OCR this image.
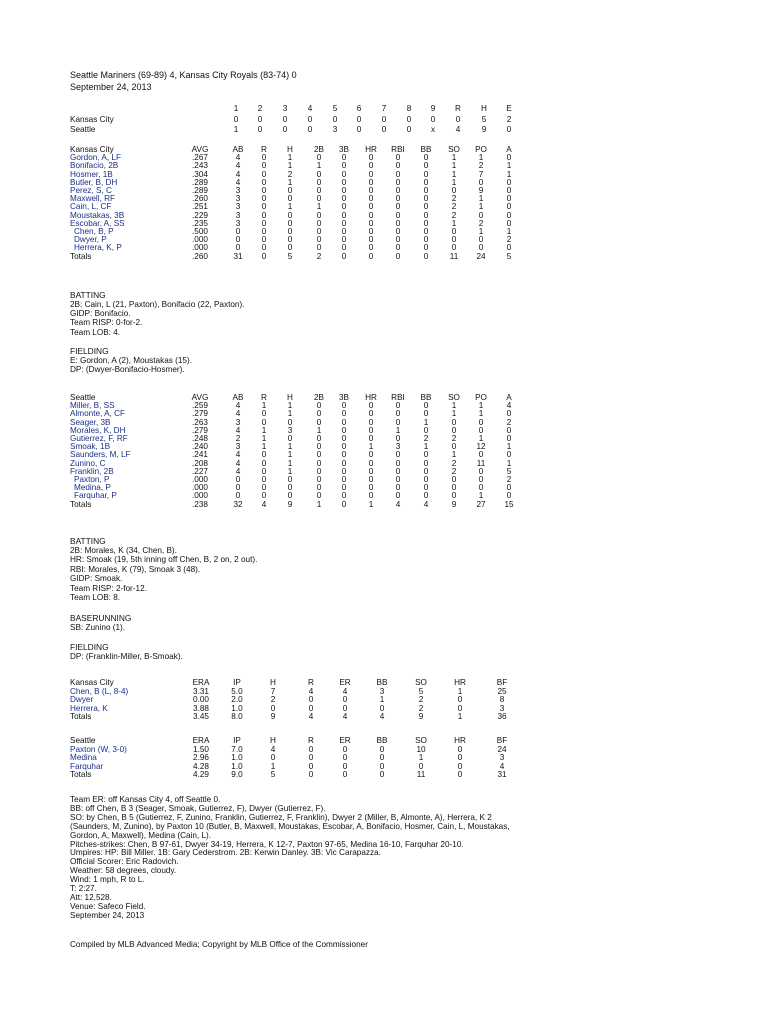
Seattle Mariners (69-89) 4, Kansas City Royals (83-74) 0
September 24, 2013
1	2	3	4	5	6	7	8	9	R	H	E
Kansas City	0	0	0	0	0	0	0	0	0	0	5	2
Seattle	1	0	0	0	3	0	0	0	x	4	9	0
Kansas City	AVG	AB	R	H	2B	3B	HR	RBI	BB	SO	PO	A
Gordon, A, LF	.267	4	0	1	0	0	0	0	0	1	1	0
Bonifacio, 2B	.243	4	0	1	1	0	0	0	0	1	2	1
Hosmer, 1B	.304	4	0	2	0	0	0	0	0	1	7	1
Butler, B, DH	.289	4	0	1	0	0	0	0	0	1	0	0
Perez, S, C	.289	3	0	0	0	0	0	0	0	0	9	0
Maxwell, RF	.260	3	0	0	0	0	0	0	0	2	1	0
Cain, L, CF	.251	3	0	1	1	0	0	0	0	2	1	0
Moustakas, 3B	.229	3	0	0	0	0	0	0	0	2	0	0
Escobar, A, SS	.235	3	0	0	0	0	0	0	0	1	2	0
Chen, B, P	.500	0	0	0	0	0	0	0	0	0	1	1
Dwyer, P	.000	0	0	0	0	0	0	0	0	0	0	2
Herrera, K, P	.000	0	0	0	0	0	0	0	0	0	0	0
Totals	.260	31	0	5	2	0	0	0	0	11	24	5
BATTING
2B: Cain, L (21, Paxton), Bonifacio (22, Paxton).
GIDP: Bonifacio.
Team RISP: 0-for-2.
Team LOB: 4.
FIELDING
E: Gordon, A (2), Moustakas (15).
DP: (Dwyer-Bonifacio-Hosmer).
Seattle	AVG	AB	R	H	2B	3B	HR	RBI	BB	SO	PO	A
Miller, B, SS	.259	4	1	1	0	0	0	0	0	1	1	4
Almonte, A, CF	.279	4	0	1	0	0	0	0	0	1	1	0
Seager, 3B	.263	3	0	0	0	0	0	0	1	0	0	2
Morales, K, DH	.279	4	1	3	1	0	0	1	0	0	0	0
Gutierrez, F, RF	.248	2	1	0	0	0	0	0	2	2	1	0
Smoak, 1B	.240	3	1	1	0	0	1	3	1	0	12	1
Saunders, M, LF	.241	4	0	1	0	0	0	0	0	1	0	0
Zunino, C	.208	4	0	1	0	0	0	0	0	2	11	1
Franklin, 2B	.227	4	0	1	0	0	0	0	0	2	0	5
Paxton, P	.000	0	0	0	0	0	0	0	0	0	0	2
Medina, P	.000	0	0	0	0	0	0	0	0	0	0	0
Farquhar, P	.000	0	0	0	0	0	0	0	0	0	1	0
Totals	.238	32	4	9	1	0	1	4	4	9	27	15
BATTING
2B: Morales, K (34, Chen, B).
HR: Smoak (19, 5th inning off Chen, B, 2 on, 2 out).
RBI: Morales, K (79), Smoak 3 (48).
GIDP: Smoak.
Team RISP: 2-for-12.
Team LOB: 8.
BASERUNNING
SB: Zunino (1).
FIELDING
DP: (Franklin-Miller, B-Smoak).
Kansas City	ERA	IP	H	R	ER	BB	SO	HR	BF
Chen, B (L, 8-4)	3.31	5.0	7	4	4	3	5	1	25
Dwyer	0.00	2.0	2	0	0	1	2	0	8
Herrera, K	3.88	1.0	0	0	0	0	2	0	3
Totals	3.45	8.0	9	4	4	4	9	1	36
Seattle	ERA	IP	H	R	ER	BB	SO	HR	BF
Paxton (W, 3-0)	1.50	7.0	4	0	0	0	10	0	24
Medina	2.96	1.0	0	0	0	0	1	0	3
Farquhar	4.28	1.0	1	0	0	0	0	0	4
Totals	4.29	9.0	5	0	0	0	11	0	31
Team ER: off Kansas City 4, off Seattle 0.
BB: off Chen, B 3 (Seager, Smoak, Gutierrez, F), Dwyer (Gutierrez, F).
SO: by Chen, B 5 (Gutierrez, F, Zunino, Franklin, Gutierrez, F, Franklin), Dwyer 2 (Miller, B, Almonte, A), Herrera, K 2
(Saunders, M, Zunino), by Paxton 10 (Butler, B, Maxwell, Moustakas, Escobar, A, Bonifacio, Hosmer, Cain, L, Moustakas,
Gordon, A, Maxwell), Medina (Cain, L).
Pitches-strikes: Chen, B 97-61, Dwyer 34-19, Herrera, K 12-7, Paxton 97-65, Medina 16-10, Farquhar 20-10.
Umpires: HP: Bill Miller. 1B: Gary Cederstrom. 2B: Kerwin Danley. 3B: Vic Carapazza.
Official Scorer: Eric Radovich.
Weather: 58 degrees, cloudy.
Wind: 1 mph, R to L.
T: 2:27.
Att: 12,528.
Venue: Safeco Field.
September 24, 2013
Compiled by MLB Advanced Media; Copyright by MLB Office of the Commissioner
